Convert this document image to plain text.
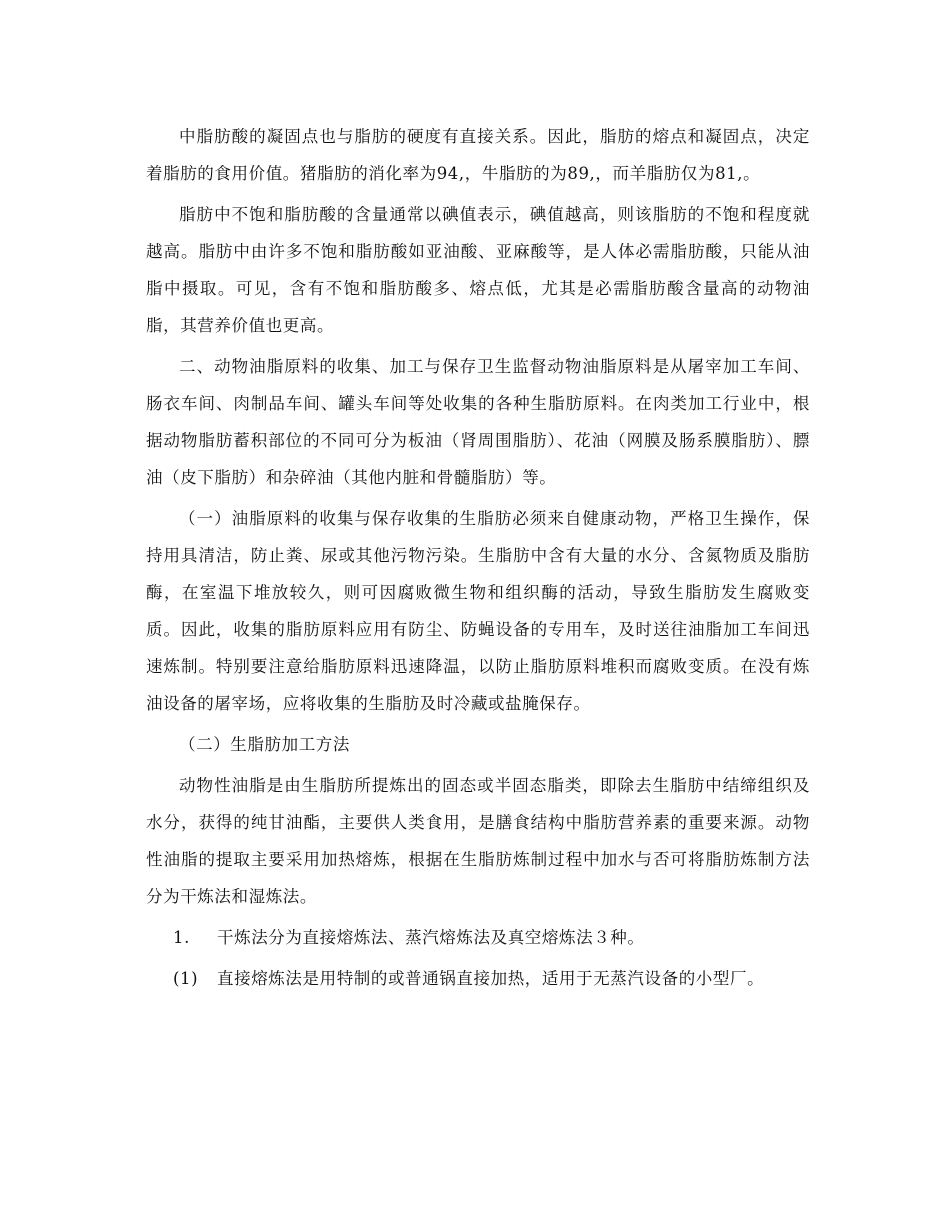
中脂肪酸的凝固点也与脂肪的硬度有直接关系。因此，脂肪的熔点和凝固点，决定着脂肪的食用价值。猪脂肪的消化率为94,，牛脂肪的为89,，而羊脂肪仅为81,。

脂肪中不饱和脂肪酸的含量通常以碘值表示，碘值越高，则该脂肪的不饱和程度就越高。脂肪中由许多不饱和脂肪酸如亚油酸、亚麻酸等，是人体必需脂肪酸，只能从油脂中摄取。可见，含有不饱和脂肪酸多、熔点低，尤其是必需脂肪酸含量高的动物油脂，其营养价值也更高。

二、动物油脂原料的收集、加工与保存卫生监督动物油脂原料是从屠宰加工车间、肠衣车间、肉制品车间、罐头车间等处收集的各种生脂肪原料。在肉类加工行业中，根据动物脂肪蓄积部位的不同可分为板油（肾周围脂肪）、花油（网膜及肠系膜脂肪）、膘油（皮下脂肪）和杂碎油（其他内脏和骨髓脂肪）等。

（一）油脂原料的收集与保存收集的生脂肪必须来自健康动物，严格卫生操作，保持用具清洁，防止粪、尿或其他污物污染。生脂肪中含有大量的水分、含氮物质及脂肪酶，在室温下堆放较久，则可因腐败微生物和组织酶的活动，导致生脂肪发生腐败变质。因此，收集的脂肪原料应用有防尘、防蝇设备的专用车，及时送往油脂加工车间迅速炼制。特别要注意给脂肪原料迅速降温，以防止脂肪原料堆积而腐败变质。在没有炼油设备的屠宰场，应将收集的生脂肪及时冷藏或盐腌保存。

（二）生脂肪加工方法

动物性油脂是由生脂肪所提炼出的固态或半固态脂类，即除去生脂肪中结缔组织及水分，获得的纯甘油酯，主要供人类食用，是膳食结构中脂肪营养素的重要来源。动物性油脂的提取主要采用加热熔炼，根据在生脂肪炼制过程中加水与否可将脂肪炼制方法分为干炼法和湿炼法。

1.	干炼法分为直接熔炼法、蒸汽熔炼法及真空熔炼法３种。
(1)	直接熔炼法是用特制的或普通锅直接加热，适用于无蒸汽设备的小型厂。
